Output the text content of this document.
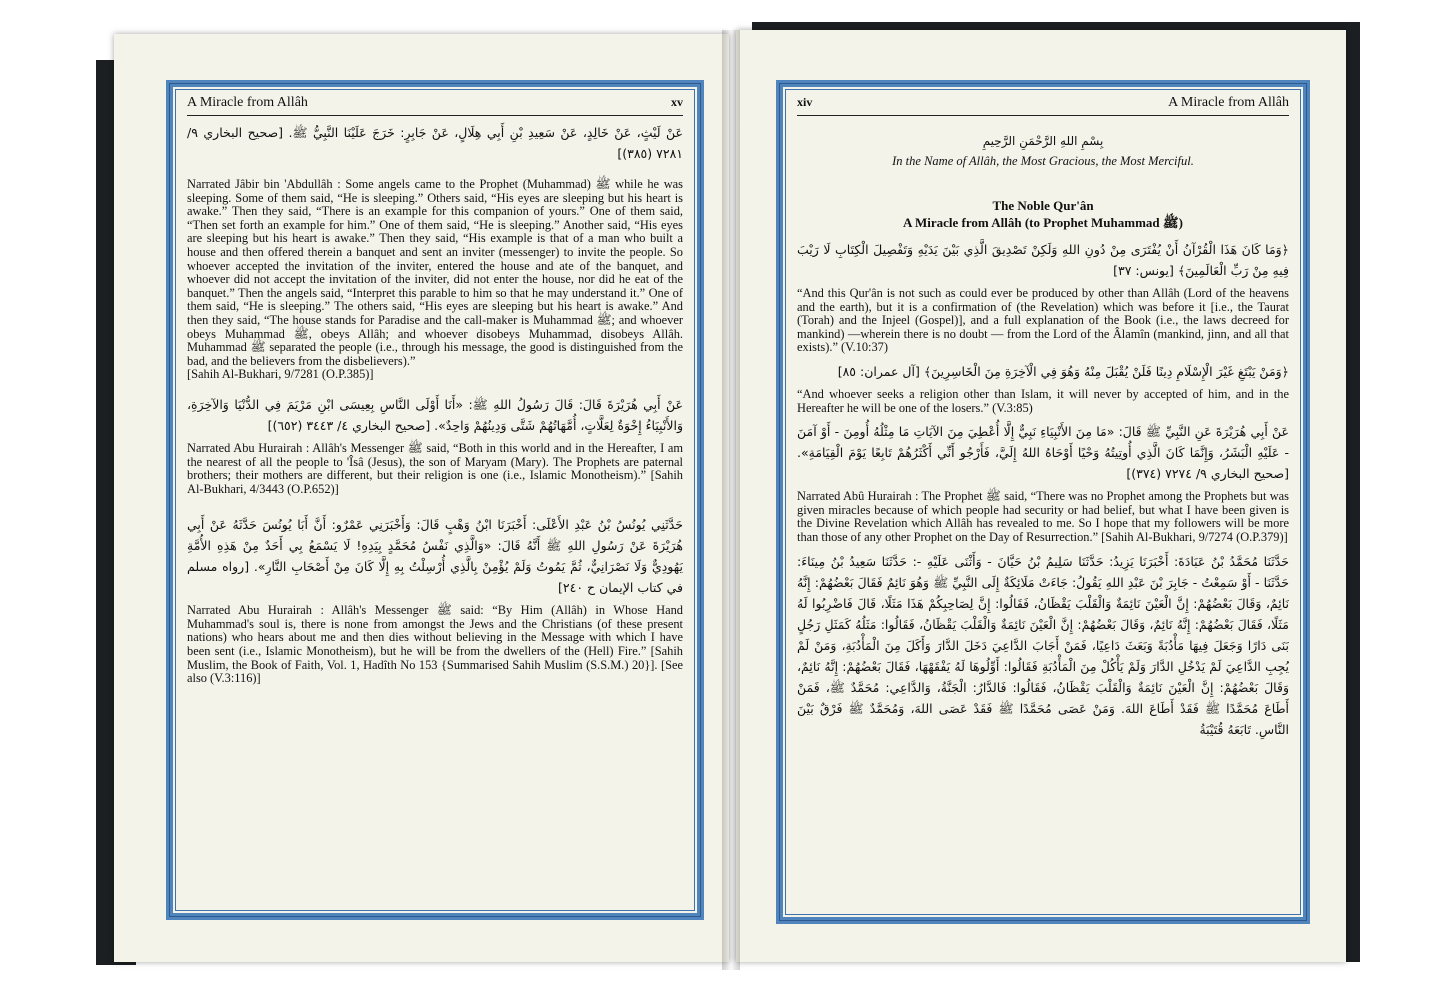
A Miracle from Allâh	xv
عَنْ لَيْثٍ، عَنْ خَالِدٍ، عَنْ سَعِيدِ بْنِ أَبِي هِلَالٍ، عَنْ جَابِرٍ: خَرَجَ عَلَيْنَا النَّبِيُّ ﷺ. [صحيح البخاري ٩/ ٧٢٨١ (٣٨٥)]
Narrated Jâbir bin 'Abdullâh : Some angels came to the Prophet (Muhammad) ﷺ while he was sleeping. Some of them said, “He is sleeping.” Others said, “His eyes are sleeping but his heart is awake.” Then they said, “There is an example for this companion of yours.” One of them said, “Then set forth an example for him.” One of them said, “He is sleeping.” Another said, “His eyes are sleeping but his heart is awake.” Then they said, “His example is that of a man who built a house and then offered therein a banquet and sent an inviter (messenger) to invite the people. So whoever accepted the invitation of the inviter, entered the house and ate of the banquet, and whoever did not accept the invitation of the inviter, did not enter the house, nor did he eat of the banquet.” Then the angels said, “Interpret this parable to him so that he may understand it.” One of them said, “He is sleeping.” The others said, “His eyes are sleeping but his heart is awake.” And then they said, “The house stands for Paradise and the call-maker is Muhammad ﷺ; and whoever obeys Muhammad ﷺ, obeys Allâh; and whoever disobeys Muhammad, disobeys Allâh. Muhammad ﷺ separated the people (i.e., through his message, the good is distinguished from the bad, and the believers from the disbelievers).”
[Sahih Al-Bukhari, 9/7281 (O.P.385)]
عَنْ أَبِي هُرَيْرَةَ قَالَ: قَالَ رَسُولُ اللهِ ﷺ: «أَنَا أَوْلَى النَّاسِ بِعِيسَى ابْنِ مَرْيَمَ فِي الدُّنْيَا وَالآخِرَةِ، وَالأَنْبِيَاءُ إِخْوَةٌ لِعَلَّاتٍ، أُمَّهَاتُهُمْ شَتَّى وَدِينُهُمْ وَاحِدٌ». [صحيح البخاري ٤/ ٣٤٤٣ (٦٥٢)]
Narrated Abu Hurairah : Allâh's Messenger ﷺ said, “Both in this world and in the Hereafter, I am the nearest of all the people to 'Îsâ (Jesus), the son of Maryam (Mary). The Prophets are paternal brothers; their mothers are different, but their religion is one (i.e., Islamic Monotheism).” [Sahih Al-Bukhari, 4/3443 (O.P.652)]
حَدَّثَنِي يُونُسُ بْنُ عَبْدِ الأَعْلَى: أَخْبَرَنَا ابْنُ وَهْبٍ قَالَ: وَأَخْبَرَنِي عَمْرٌو: أَنَّ أَبَا يُونُسَ حَدَّثَهُ عَنْ أَبِي هُرَيْرَةَ عَنْ رَسُولِ اللهِ ﷺ أَنَّهُ قَالَ: «وَالَّذِي نَفْسُ مُحَمَّدٍ بِيَدِهِ! لَا يَسْمَعُ بِي أَحَدٌ مِنْ هَذِهِ الأُمَّةِ يَهُودِيٌّ وَلَا نَصْرَانِيٌّ، ثُمَّ يَمُوتُ وَلَمْ يُؤْمِنْ بِالَّذِي أُرْسِلْتُ بِهِ إِلَّا كَانَ مِنْ أَصْحَابِ النَّارِ». [رواه مسلم في كتاب الإيمان ح ٢٤٠]
Narrated Abu Hurairah : Allâh's Messenger ﷺ said: “By Him (Allâh) in Whose Hand Muhammad's soul is, there is none from amongst the Jews and the Christians (of these present nations) who hears about me and then dies without believing in the Message with which I have been sent (i.e., Islamic Monotheism), but he will be from the dwellers of the (Hell) Fire.” [Sahih Muslim, the Book of Faith, Vol. 1, Hadîth No 153 {Summarised Sahih Muslim (S.S.M.) 20}]. [See also (V.3:116)]
xiv	A Miracle from Allâh
بِسْمِ اللهِ الرَّحْمَنِ الرَّحِيمِ
In the Name of Allâh, the Most Gracious, the Most Merciful.
The Noble Qur'ân
A Miracle from Allâh (to Prophet Muhammad ﷺ)
﴿وَمَا كَانَ هَذَا الْقُرْآنُ أَنْ يُفْتَرَى مِنْ دُونِ اللهِ وَلَكِنْ تَصْدِيقَ الَّذِي بَيْنَ يَدَيْهِ وَتَفْصِيلَ الْكِتَابِ لَا رَيْبَ فِيهِ مِنْ رَبِّ الْعَالَمِينَ﴾ [يونس: ٣٧]
“And this Qur'ân is not such as could ever be produced by other than Allâh (Lord of the heavens and the earth), but it is a confirmation of (the Revelation) which was before it [i.e., the Taurat (Torah) and the Injeel (Gospel)], and a full explanation of the Book (i.e., the laws decreed for mankind) —wherein there is no doubt — from the Lord of the Âlamîn (mankind, jinn, and all that exists).” (V.10:37)
﴿وَمَنْ يَبْتَغِ غَيْرَ الْإِسْلَامِ دِينًا فَلَنْ يُقْبَلَ مِنْهُ وَهُوَ فِي الْآخِرَةِ مِنَ الْخَاسِرِينَ﴾ [آل عمران: ٨٥]
“And whoever seeks a religion other than Islam, it will never by accepted of him, and in the Hereafter he will be one of the losers.” (V.3:85)
عَنْ أَبِي هُرَيْرَةَ عَنِ النَّبِيِّ ﷺ قَالَ: «مَا مِنَ الأَنْبِيَاءِ نَبِيٌّ إِلَّا أُعْطِيَ مِنَ الآيَاتِ مَا مِثْلُهُ أُومِنَ - أَوْ آمَنَ - عَلَيْهِ الْبَشَرُ، وَإِنَّمَا كَانَ الَّذِي أُوتِيتُهُ وَحْيًا أَوْحَاهُ اللهُ إِلَيَّ، فَأَرْجُو أَنِّي أَكْثَرُهُمْ تَابِعًا يَوْمَ الْقِيَامَةِ». [صحيح البخاري ٩/ ٧٢٧٤ (٣٧٤)]
Narrated Abû Hurairah : The Prophet ﷺ said, “There was no Prophet among the Prophets but was given miracles because of which people had security or had belief, but what I have been given is the Divine Revelation which Allâh has revealed to me. So I hope that my followers will be more than those of any other Prophet on the Day of Resurrection.” [Sahih Al-Bukhari, 9/7274 (O.P.379)]
حَدَّثَنَا مُحَمَّدُ بْنُ عَبَادَةَ: أَخْبَرَنَا يَزِيدُ: حَدَّثَنَا سَلِيمُ بْنُ حَيَّانَ - وَأَثْنَى عَلَيْهِ -: حَدَّثَنَا سَعِيدُ بْنُ مِينَاءَ: حَدَّثَنَا - أَوْ سَمِعْتُ - جَابِرَ بْنَ عَبْدِ اللهِ يَقُولُ: جَاءَتْ مَلَائِكَةٌ إِلَى النَّبِيِّ ﷺ وَهُوَ نَائِمٌ فَقَالَ بَعْضُهُمْ: إِنَّهُ نَائِمٌ، وَقَالَ بَعْضُهُمْ: إِنَّ الْعَيْنَ نَائِمَةٌ وَالْقَلْبَ يَقْظَانُ، فَقَالُوا: إِنَّ لِصَاحِبِكُمْ هَذَا مَثَلًا، قَالَ فَاضْرِبُوا لَهُ مَثَلًا، فَقَالَ بَعْضُهُمْ: إِنَّهُ نَائِمٌ، وَقَالَ بَعْضُهُمْ: إِنَّ الْعَيْنَ نَائِمَةٌ وَالْقَلْبَ يَقْظَانُ، فَقَالُوا: مَثَلُهُ كَمَثَلِ رَجُلٍ بَنَى دَارًا وَجَعَلَ فِيهَا مَأْدُبَةً وَبَعَثَ دَاعِيًا، فَمَنْ أَجَابَ الدَّاعِيَ دَخَلَ الدَّارَ وَأَكَلَ مِنَ الْمَأْدُبَةِ، وَمَنْ لَمْ يُجِبِ الدَّاعِيَ لَمْ يَدْخُلِ الدَّارَ وَلَمْ يَأْكُلْ مِنَ الْمَأْدُبَةِ فَقَالُوا: أَوِّلُوهَا لَهُ يَفْقَهْهَا، فَقَالَ بَعْضُهُمْ: إِنَّهُ نَائِمٌ، وَقَالَ بَعْضُهُمْ: إِنَّ الْعَيْنَ نَائِمَةٌ وَالْقَلْبَ يَقْظَانُ، فَقَالُوا: فَالدَّارُ: الْجَنَّةُ، وَالدَّاعِي: مُحَمَّدٌ ﷺ، فَمَنْ أَطَاعَ مُحَمَّدًا ﷺ فَقَدْ أَطَاعَ اللهَ. وَمَنْ عَصَى مُحَمَّدًا ﷺ فَقَدْ عَصَى اللهَ، وَمُحَمَّدٌ ﷺ فَرْقٌ بَيْنَ النَّاسِ. تَابَعَهُ قُتَيْبَةُ
